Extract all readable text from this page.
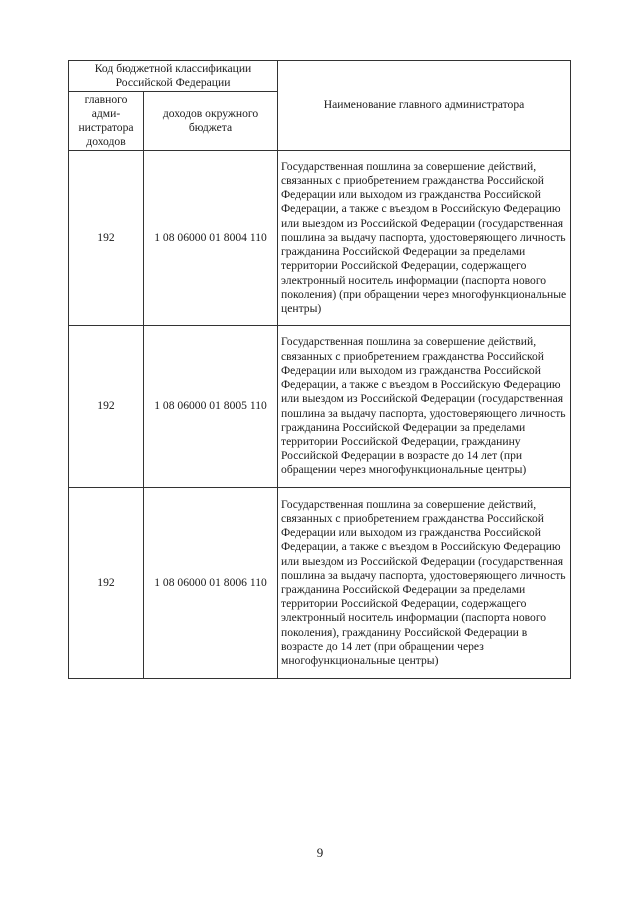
Код бюджетной классификации Российской Федерации		Наименование главного администратора
главного адми-нистратора доходов	доходов окружного бюджета	
192	1 08 06000 01 8004 110	Государственная пошлина за совершение действий, связанных с приобретением гражданства Российской Федерации или выходом из гражданства Российской Федерации, а также с въездом в Российскую Федерацию или выездом из Российской Федерации (государственная пошлина за выдачу паспорта, удостоверяющего личность гражданина Российской Федерации за пределами территории Российской Федерации, содержащего электронный носитель информации (паспорта нового поколения) (при обращении через многофункциональные центры)
192	1 08 06000 01 8005 110	Государственная пошлина за совершение действий, связанных с приобретением гражданства Российской Федерации или выходом из гражданства Российской Федерации, а также с въездом в Российскую Федерацию или выездом из Российской Федерации (государственная пошлина за выдачу паспорта, удостоверяющего личность гражданина Российской Федерации за пределами территории Российской Федерации, гражданину Российской Федерации в возрасте до 14 лет (при обращении через многофункциональные центры)
192	1 08 06000 01 8006 110	Государственная пошлина за совершение действий, связанных с приобретением гражданства Российской Федерации или выходом из гражданства Российской Федерации, а также с въездом в Российскую Федерацию или выездом из Российской Федерации (государственная пошлина за выдачу паспорта, удостоверяющего личность гражданина Российской Федерации за пределами территории Российской Федерации, содержащего электронный носитель информации (паспорта нового поколения), гражданину Российской Федерации в возрасте до 14 лет (при обращении через многофункциональные центры)
9
